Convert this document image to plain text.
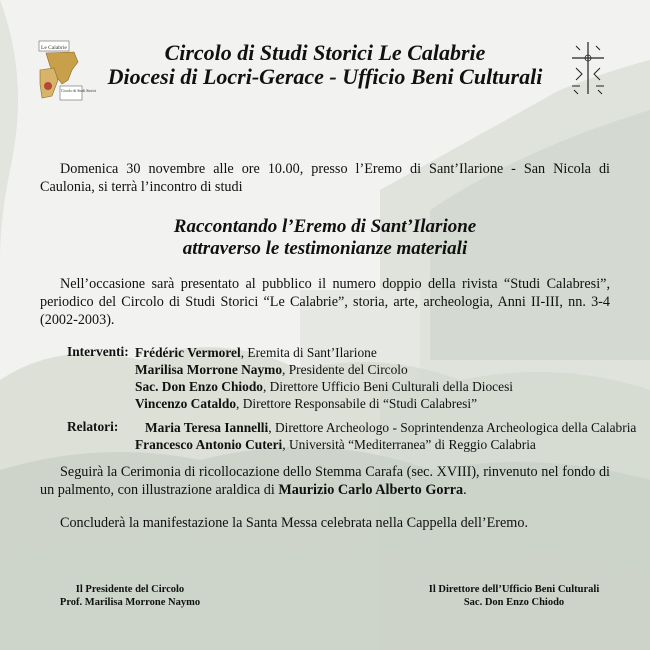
Le Calabrie
Circolo di Studi Storici
Circolo di Studi Storici Le Calabrie
Diocesi di Locri-Gerace - Ufficio Beni Culturali
Domenica 30 novembre alle ore 10.00, presso l’Eremo di Sant’Ilarione - San Nicola di Caulonia, si terrà l’incontro di studi
Raccontando l’Eremo di Sant’Ilarione
attraverso le testimonianze materiali
Nell’occasione sarà presentato al pubblico il numero doppio della rivista “Studi Calabresi”, periodico del Circolo di Studi Storici “Le Calabrie”, storia, arte, archeologia, Anni II-III, nn. 3-4 (2002-2003).
Interventi: Frédéric Vermorel, Eremita di Sant’Ilarione
Marilisa Morrone Naymo, Presidente del Circolo
Sac. Don Enzo Chiodo, Direttore Ufficio Beni Culturali della Diocesi
Vincenzo Cataldo, Direttore Responsabile di “Studi Calabresi”
Relatori: Maria Teresa Iannelli, Direttore Archeologo - Soprintendenza Archeologica della Calabria
Francesco Antonio Cuteri, Università “Mediterranea” di Reggio Calabria
Seguirà la Cerimonia di ricollocazione dello Stemma Carafa (sec. XVIII), rinvenuto nel fondo di un palmento, con illustrazione araldica di Maurizio Carlo Alberto Gorra.
Concluderà la manifestazione la Santa Messa celebrata nella Cappella dell’Eremo.
Il Presidente del Circolo
Prof. Marilisa Morrone Naymo
Il Direttore dell’Ufficio Beni Culturali
Sac. Don Enzo Chiodo
